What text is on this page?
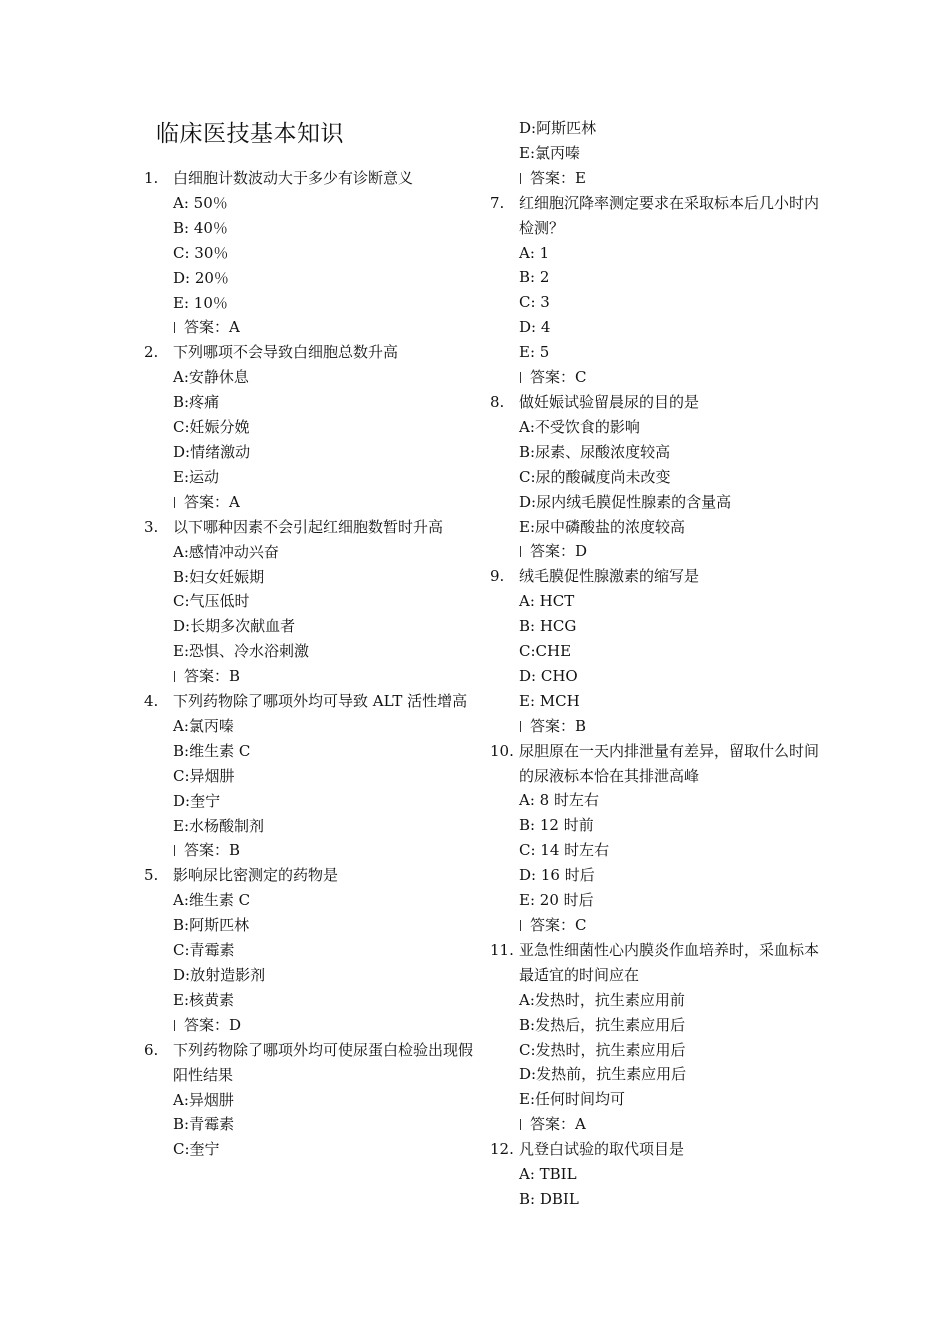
临床医技基本知识
1. 白细胞计数波动大于多少有诊断意义
A: 50％
B: 40％
C: 30％
D: 20％
E: 10％
答案：A
2. 下列哪项不会导致白细胞总数升高
A:安静休息
B:疼痛
C:妊娠分娩
D:情绪激动
E:运动
答案：A
3. 以下哪种因素不会引起红细胞数暂时升高
A:感情冲动兴奋
B:妇女妊娠期
C:气压低时
D:长期多次献血者
E:恐惧、冷水浴刺激
答案：B
4. 下列药物除了哪项外均可导致 ALT 活性增高
A:氯丙嗪
B:维生素 C
C:异烟肼
D:奎宁
E:水杨酸制剂
答案：B
5. 影响尿比密测定的药物是
A:维生素 C
B:阿斯匹林
C:青霉素
D:放射造影剂
E:核黄素
答案：D
6. 下列药物除了哪项外均可使尿蛋白检验出现假阳性结果
A:异烟肼
B:青霉素
C:奎宁
D:阿斯匹林
E:氯丙嗪
答案：E
7. 红细胞沉降率测定要求在采取标本后几小时内检测？
A: 1
B: 2
C: 3
D: 4
E: 5
答案：C
8. 做妊娠试验留晨尿的目的是
A:不受饮食的影响
B:尿素、尿酸浓度较高
C:尿的酸碱度尚未改变
D:尿内绒毛膜促性腺素的含量高
E:尿中磷酸盐的浓度较高
答案：D
9. 绒毛膜促性腺激素的缩写是
A: HCT
B: HCG
C:CHE
D: CHO
E: MCH
答案：B
10. 尿胆原在一天内排泄量有差异，留取什么时间的尿液标本恰在其排泄高峰
A: 8 时左右
B: 12 时前
C: 14 时左右
D: 16 时后
E: 20 时后
答案：C
11. 亚急性细菌性心内膜炎作血培养时，采血标本最适宜的时间应在
A:发热时，抗生素应用前
B:发热后，抗生素应用后
C:发热时，抗生素应用后
D:发热前，抗生素应用后
E:任何时间均可
答案：A
12. 凡登白试验的取代项目是
A: TBIL
B: DBIL
